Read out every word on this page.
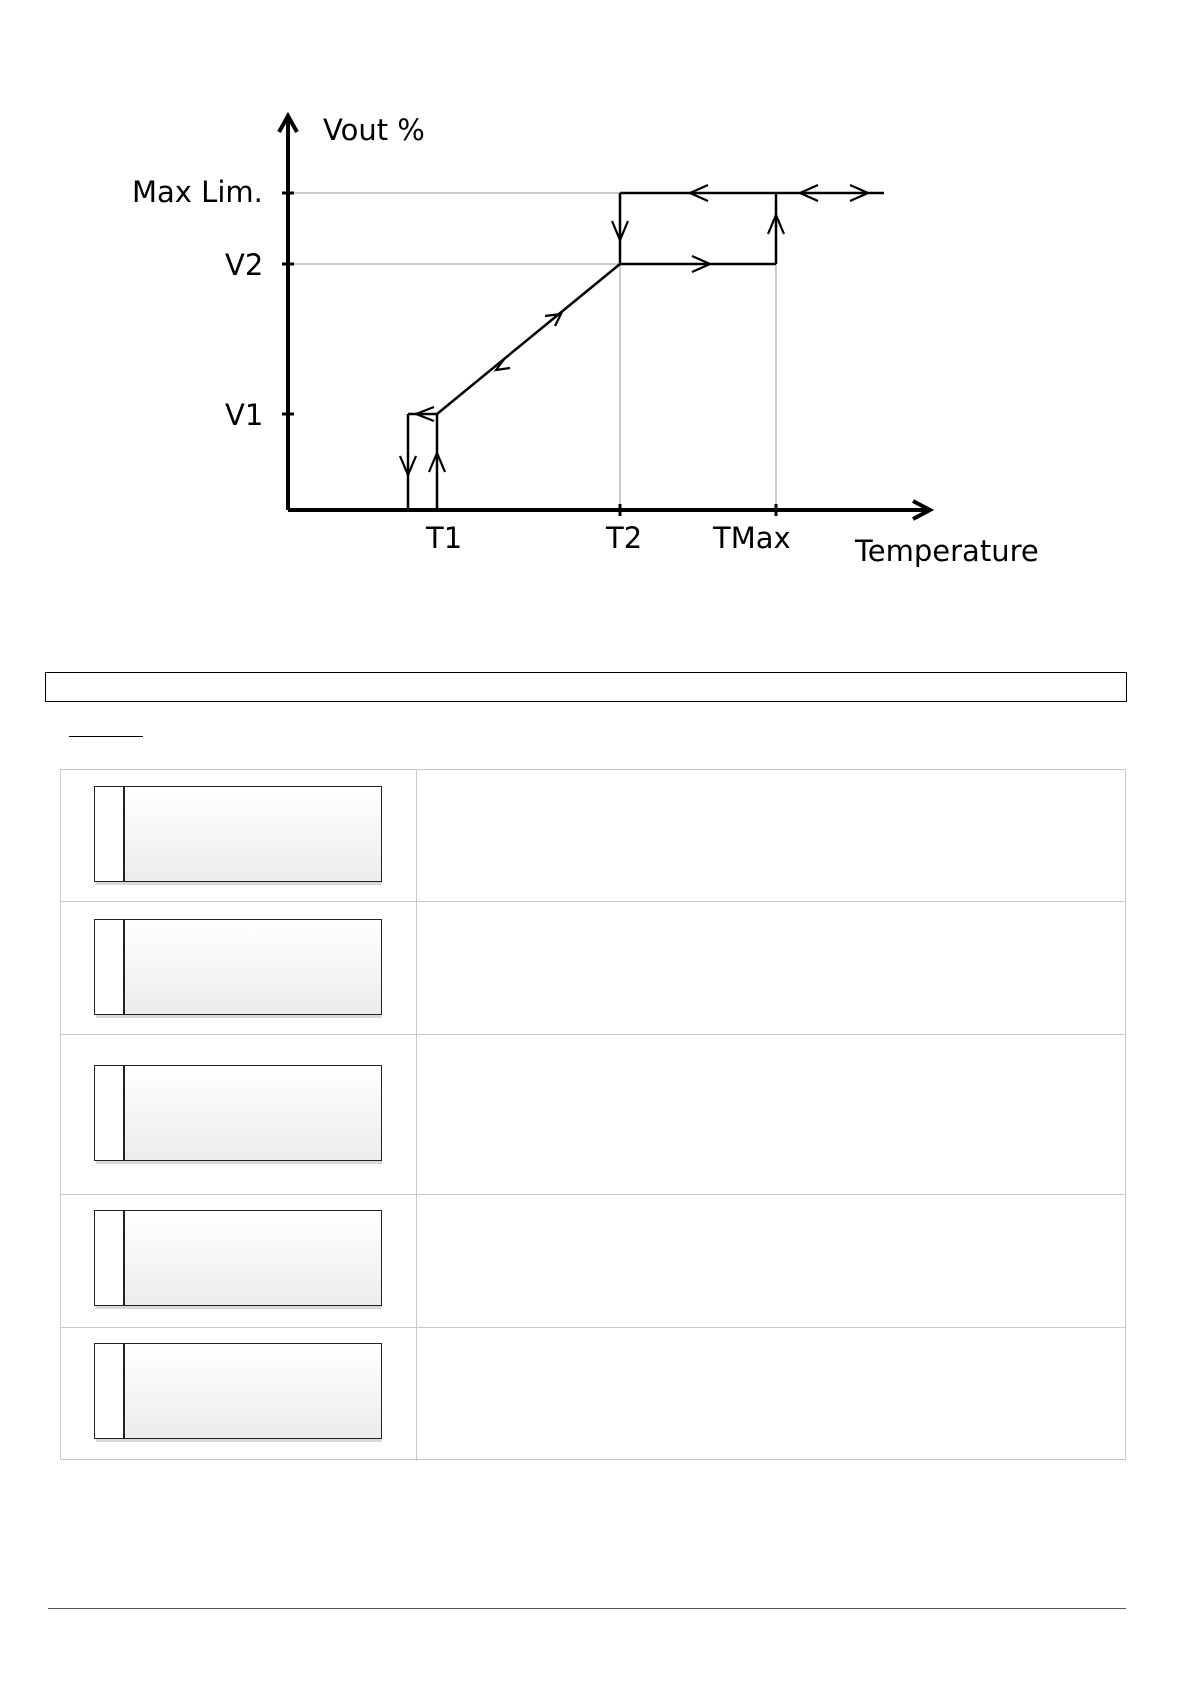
Vout %
Max Lim.
V2
V1
T1	T2 TMax Temperature
